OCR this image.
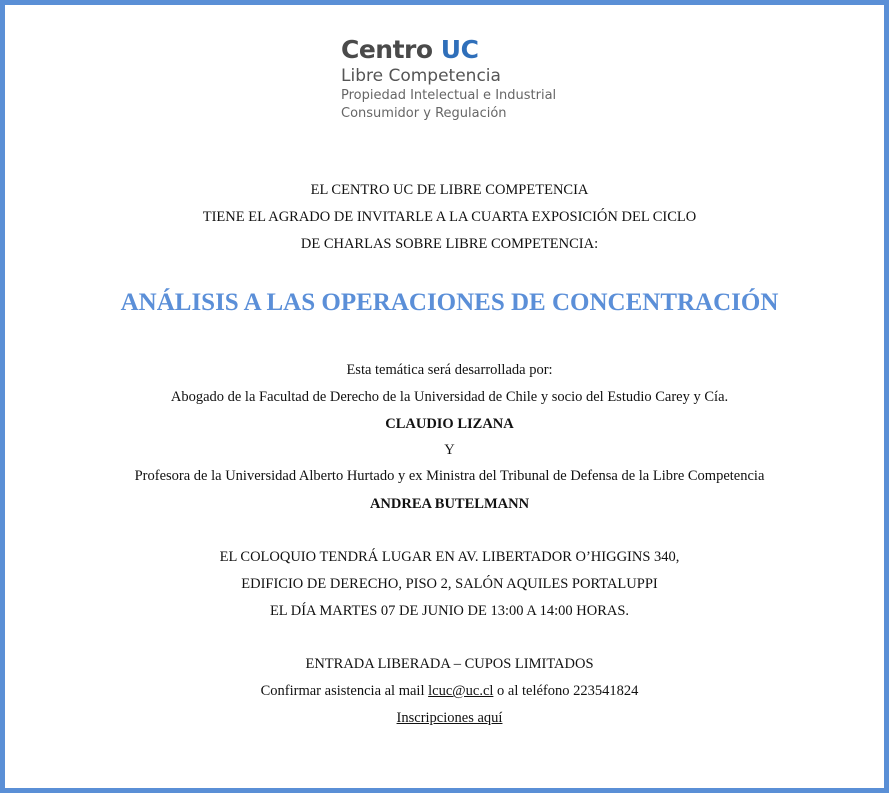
Centro UC
Libre Competencia
Propiedad Intelectual e Industrial
Consumidor y Regulación
EL CENTRO UC DE LIBRE COMPETENCIA
TIENE EL AGRADO DE INVITARLE A LA CUARTA EXPOSICIÓN DEL CICLO
DE CHARLAS SOBRE LIBRE COMPETENCIA:
ANÁLISIS A LAS OPERACIONES DE CONCENTRACIÓN
Esta temática será desarrollada por:
Abogado de la Facultad de Derecho de la Universidad de Chile y socio del Estudio Carey y Cía.
CLAUDIO LIZANA
Y
Profesora de la Universidad Alberto Hurtado y ex Ministra del Tribunal de Defensa de la Libre Competencia
ANDREA BUTELMANN
EL COLOQUIO TENDRÁ LUGAR EN AV. LIBERTADOR O’HIGGINS 340,
EDIFICIO DE DERECHO, PISO 2, SALÓN AQUILES PORTALUPPI
EL DÍA MARTES 07 DE JUNIO DE 13:00 A 14:00 HORAS.
ENTRADA LIBERADA – CUPOS LIMITADOS
Confirmar asistencia al mail lcuc@uc.cl o al teléfono 223541824
Inscripciones aquí
